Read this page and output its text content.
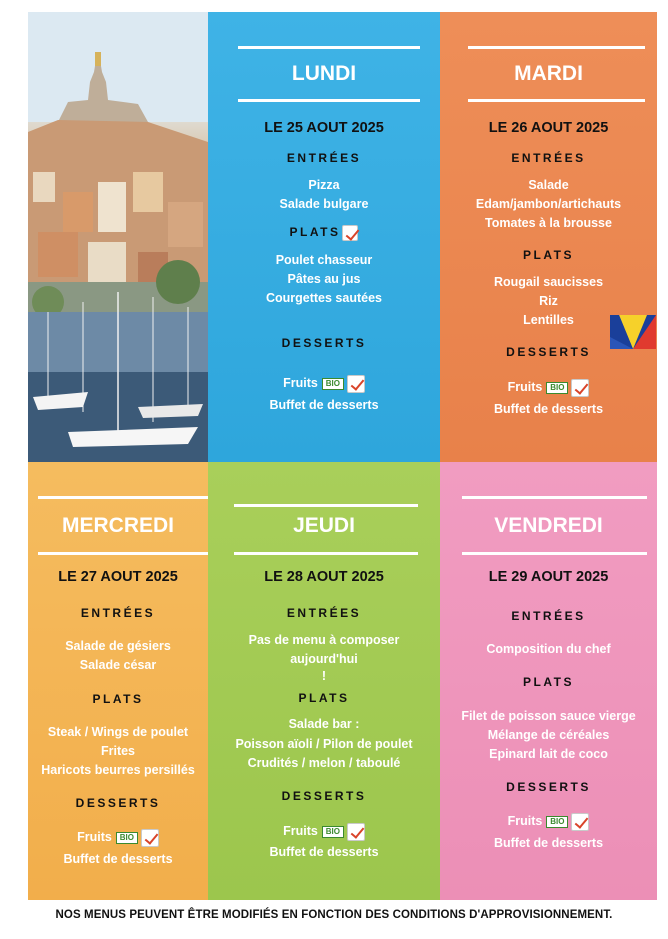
LUNDI
LE 25 AOUT 2025
ENTRÉES
Pizza
Salade bulgare
PLATS
Poulet chasseur
Pâtes au jus
Courgettes sautées
DESSERTS
Fruits BIO
Buffet de desserts
MARDI
LE 26 AOUT 2025
ENTRÉES
Salade
Edam/jambon/artichauts
Tomates à la brousse
PLATS
Rougail saucisses
Riz
Lentilles
DESSERTS
Fruits BIO
Buffet de desserts
MERCREDI
LE 27 AOUT 2025
ENTRÉES
Salade de gésiers
Salade césar
PLATS
Steak / Wings de poulet
Frites
Haricots beurres persillés
DESSERTS
Fruits BIO
Buffet de desserts
JEUDI
LE 28 AOUT 2025
ENTRÉES
Pas de menu à composer
aujourd'hui
!
PLATS
Salade bar :
Poisson aïoli / Pilon de poulet
Crudités / melon / taboulé
DESSERTS
Fruits BIO
Buffet de desserts
VENDREDI
LE 29 AOUT 2025
ENTRÉES
Composition du chef
PLATS
Filet de poisson sauce vierge
Mélange de céréales
Epinard lait de coco
DESSERTS
Fruits BIO
Buffet de desserts
NOS MENUS PEUVENT ÊTRE MODIFIÉS EN FONCTION DES CONDITIONS D'APPROVISIONNEMENT.
